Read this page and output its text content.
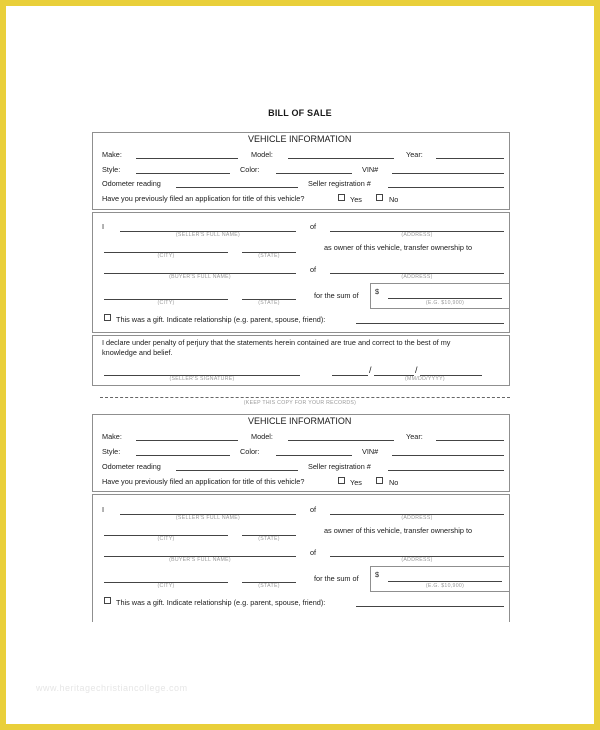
BILL OF SALE
VEHICLE INFORMATION
Make:	Model:	Year:
Style:	Color:	VIN#
Odometer reading	Seller registration #
Have you previously filed an application for title of this vehicle?	Yes	No
I
(SELLER'S FULL NAME)
of
(ADDRESS)
(CITY)	(STATE)
as owner of this vehicle, transfer ownership to
(BUYER'S FULL NAME)
of
(ADDRESS)
(CITY)	(STATE)
for the sum of $
(E.G. $10,900)
This was a gift. Indicate relationship (e.g. parent, spouse, friend):
I declare under penalty of perjury that the statements herein contained are true and correct to the best of my
knowledge and belief.
(SELLER'S SIGNATURE)
/	/
(MM/DD/YYYY)
(KEEP THIS COPY FOR YOUR RECORDS)
VEHICLE INFORMATION
Make:	Model:	Year:
Style:	Color:	VIN#
Odometer reading	Seller registration #
Have you previously filed an application for title of this vehicle?	Yes	No
I
(SELLER'S FULL NAME)
of
(ADDRESS)
(CITY)	(STATE)
as owner of this vehicle, transfer ownership to
(BUYER'S FULL NAME)
of
(ADDRESS)
(CITY)	(STATE)
for the sum of $
(E.G. $10,900)
This was a gift. Indicate relationship (e.g. parent, spouse, friend):
www.heritagechristiancollege.com
